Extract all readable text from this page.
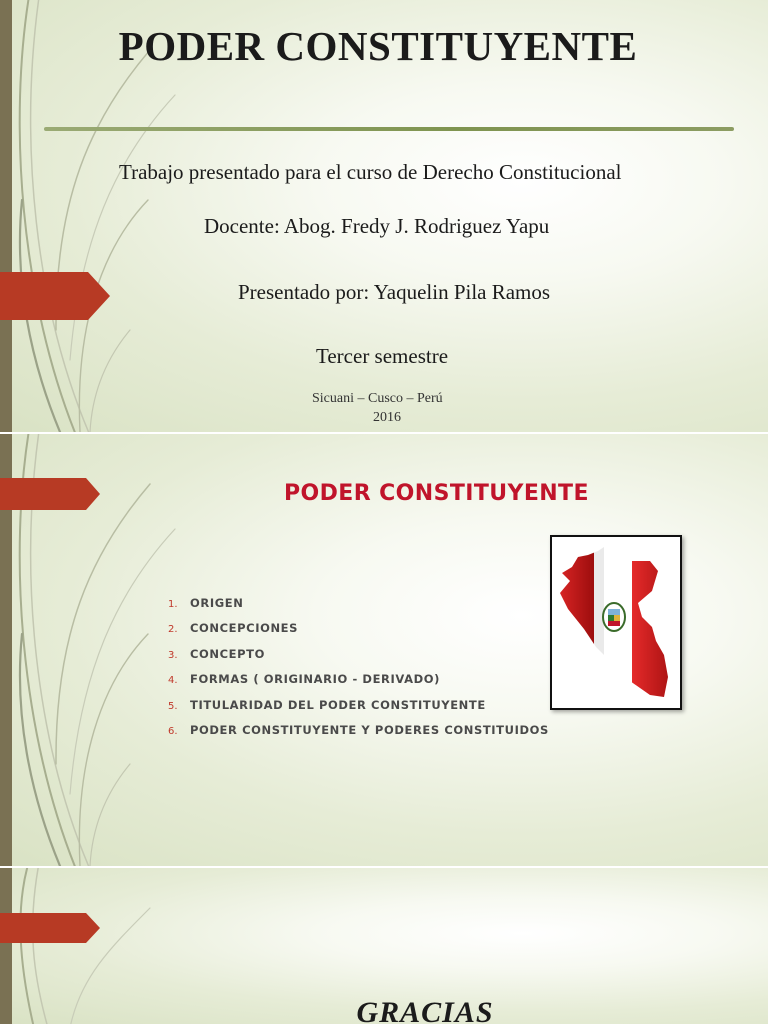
PODER CONSTITUYENTE
Trabajo presentado para el curso de Derecho Constitucional
Docente: Abog. Fredy J. Rodriguez Yapu
Presentado por: Yaquelin Pila Ramos
Tercer semestre
Sicuani – Cusco – Perú
2016
PODER CONSTITUYENTE
1.	ORIGEN
2.	CONCEPCIONES
3.	CONCEPTO
4.	FORMAS ( ORIGINARIO - DERIVADO)
5.	TITULARIDAD DEL PODER CONSTITUYENTE
6.	PODER CONSTITUYENTE Y PODERES CONSTITUIDOS
GRACIAS
